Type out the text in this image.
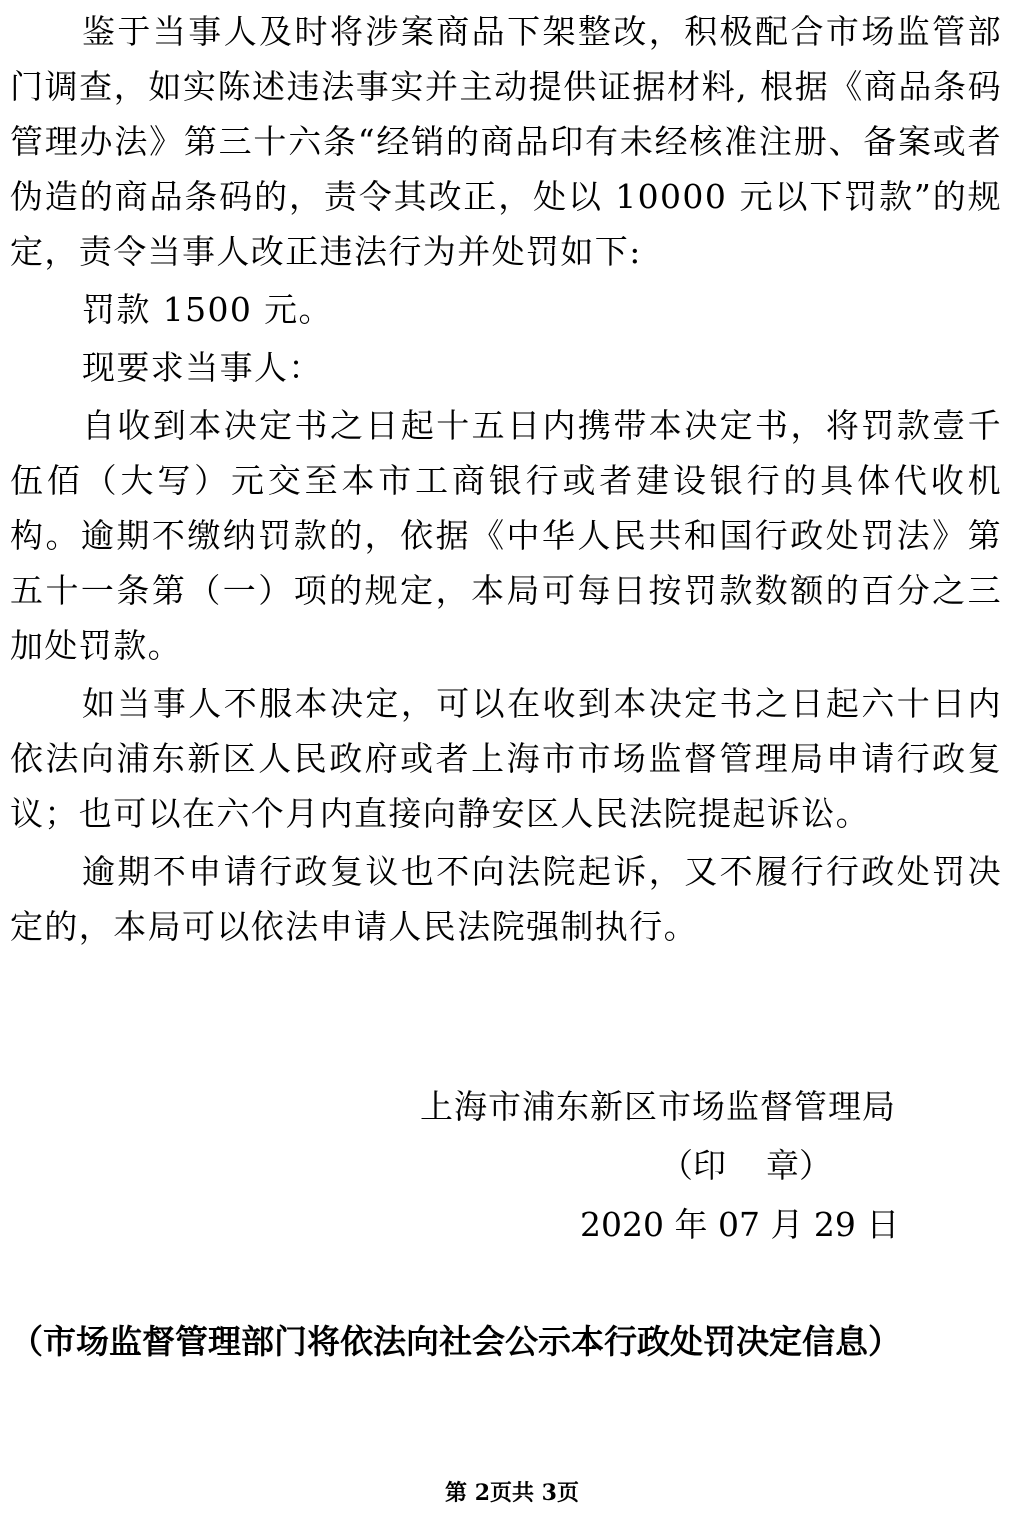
鉴于当事人及时将涉案商品下架整改，积极配合市场监管部门调查，如实陈述违法事实并主动提供证据材料, 根据《商品条码管理办法》第三十六条“经销的商品印有未经核准注册、备案或者伪造的商品条码的，责令其改正，处以 10000 元以下罚款”的规定，责令当事人改正违法行为并处罚如下:

罚款 1500 元。

现要求当事人：

自收到本决定书之日起十五日内携带本决定书，将罚款壹千伍佰（大写）元交至本市工商银行或者建设银行的具体代收机构。逾期不缴纳罚款的，依据《中华人民共和国行政处罚法》第五十一条第（一）项的规定，本局可每日按罚款数额的百分之三加处罚款。

如当事人不服本决定，可以在收到本决定书之日起六十日内依法向浦东新区人民政府或者上海市市场监督管理局申请行政复议；也可以在六个月内直接向静安区人民法院提起诉讼。

逾期不申请行政复议也不向法院起诉，又不履行行政处罚决定的，本局可以依法申请人民法院强制执行。

上海市浦东新区市场监督管理局
（印 章）
2020 年 07 月 29 日
（市场监督管理部门将依法向社会公示本行政处罚决定信息）
第 2页共 3页
